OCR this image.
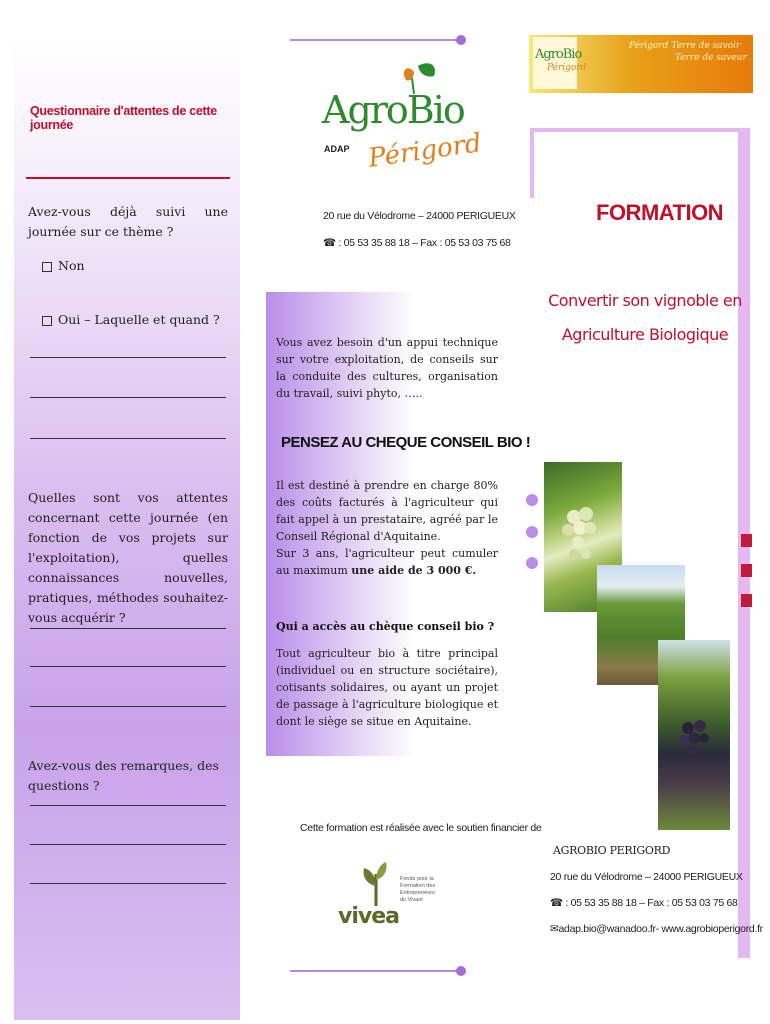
Questionnaire d'attentes de cette journée
Avez-vous déjà suivi une journée sur ce thème ?
Non
Oui – Laquelle et quand ?
Quelles sont vos attentes concernant cette journée (en fonction de vos projets sur l'exploitation), quelles connaissances nouvelles, pratiques, méthodes souhaitez-vous acquérir ?
Avez-vous des remarques, des questions ?
AgroBio
ADAP Périgord
20 rue du Vélodrome – 24000 PERIGUEUX
☎ : 05 53 35 88 18 – Fax : 05 53 03 75 68
Vous avez besoin d'un appui technique sur votre exploitation, de conseils sur la conduite des cultures, organisation du travail, suivi phyto, …..
PENSEZ AU CHEQUE CONSEIL BIO !
Il est destiné à prendre en charge 80% des coûts facturés à l'agriculteur qui fait appel à un prestataire, agréé par le Conseil Régional d'Aquitaine.
Sur 3 ans, l'agriculteur peut cumuler au maximum une aide de 3 000 €.
Qui a accès au chèque conseil bio ?
Tout agriculteur bio à titre principal (individuel ou en structure sociétaire), cotisants solidaires, ou ayant un projet de passage à l'agriculture biologique et dont le siège se situe en Aquitaine.
Cette formation est réalisée avec le soutien financier de
vivea
Fonds pour la Formation des Entrepreneurs du Vivant
AgroBio
Périgord
Périgord Terre de savoir
Terre de saveur
FORMATION
Convertir son vignoble en
Agriculture Biologique
AGROBIO PERIGORD
20 rue du Vélodrome – 24000 PERIGUEUX
☎ : 05 53 35 88 18 – Fax : 05 53 03 75 68
✉adap.bio@wanadoo.fr- www.agrobioperigord.fr
